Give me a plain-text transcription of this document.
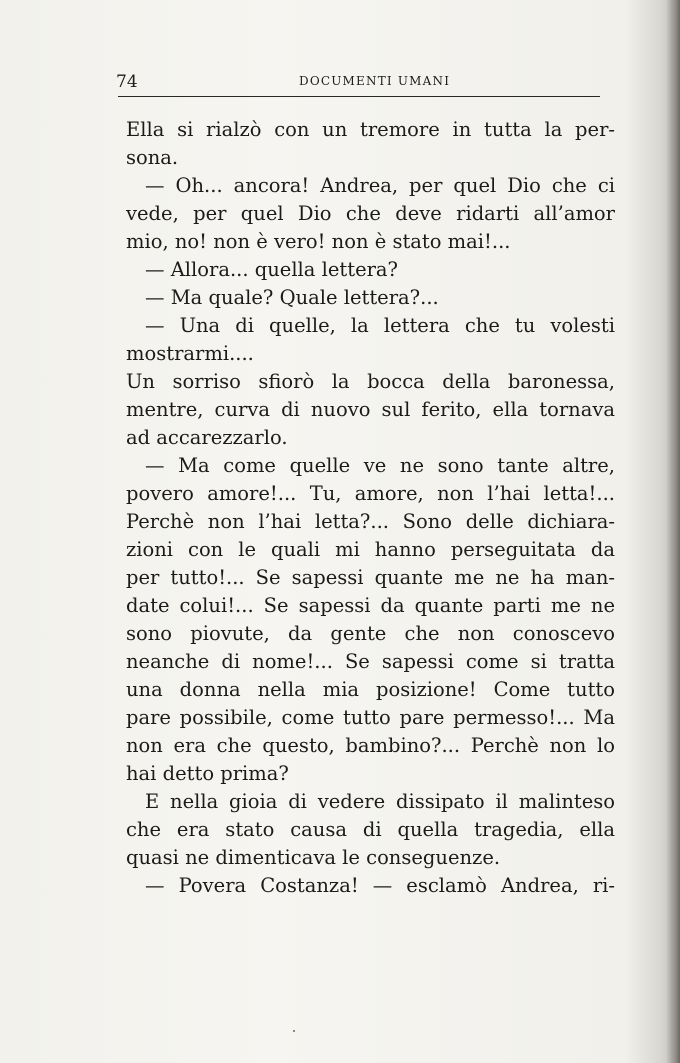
74	DOCUMENTI UMANI
Ella si rialzò con un tremore in tutta la per-
sona.
— Oh... ancora! Andrea, per quel Dio che ci
vede, per quel Dio che deve ridarti all’amor
mio, no! non è vero! non è stato mai!...
— Allora... quella lettera?
— Ma quale? Quale lettera?...
— Una di quelle, la lettera che tu volesti
mostrarmi....
Un sorriso sfiorò la bocca della baronessa,
mentre, curva di nuovo sul ferito, ella tornava
ad accarezzarlo.
— Ma come quelle ve ne sono tante altre,
povero amore!... Tu, amore, non l’hai letta!...
Perchè non l’hai letta?... Sono delle dichiara-
zioni con le quali mi hanno perseguitata da
per tutto!... Se sapessi quante me ne ha man-
date colui!... Se sapessi da quante parti me ne
sono piovute, da gente che non conoscevo
neanche di nome!... Se sapessi come si tratta
una donna nella mia posizione! Come tutto
pare possibile, come tutto pare permesso!... Ma
non era che questo, bambino?... Perchè non lo
hai detto prima?
E nella gioia di vedere dissipato il malinteso
che era stato causa di quella tragedia, ella
quasi ne dimenticava le conseguenze.
— Povera Costanza! — esclamò Andrea, ri-
